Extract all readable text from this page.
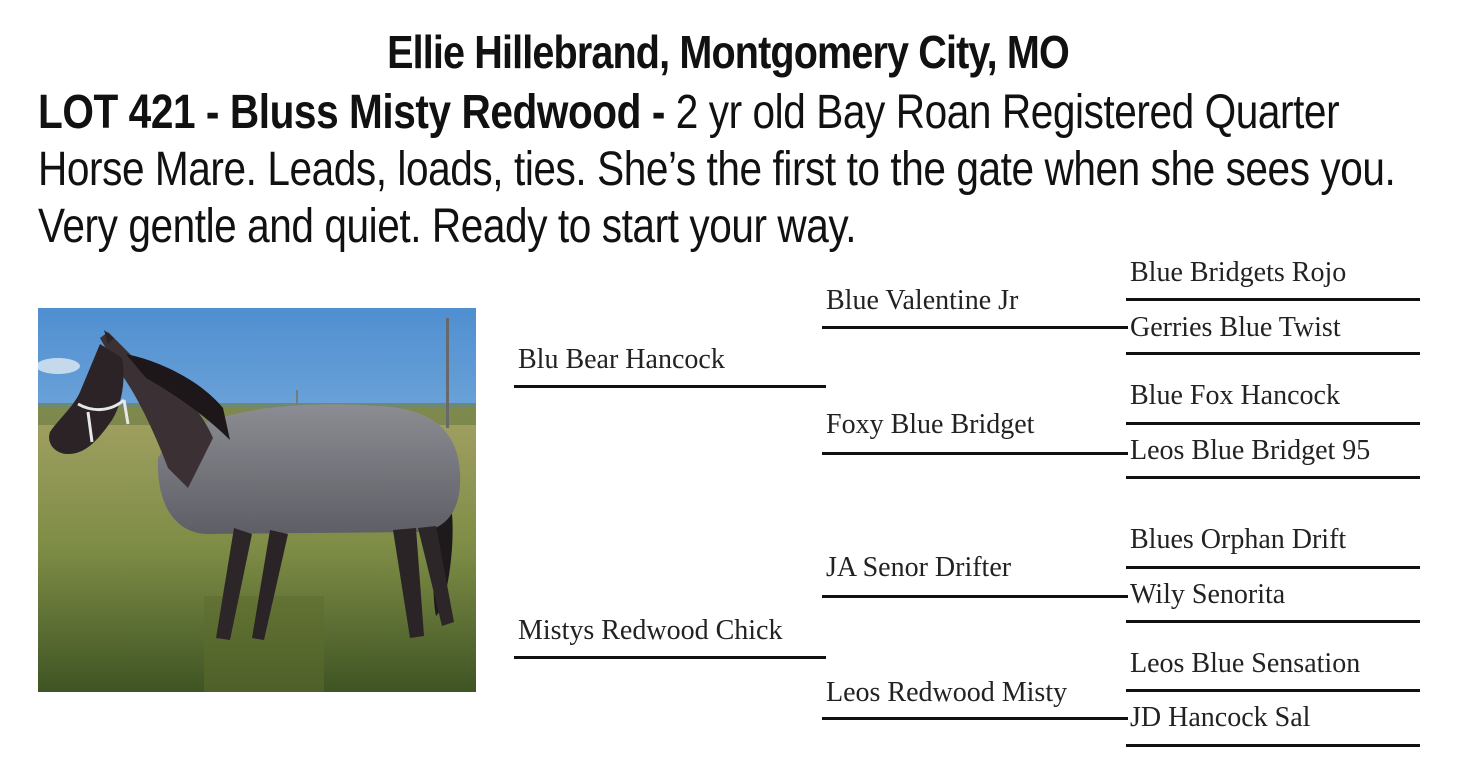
Ellie Hillebrand, Montgomery City, MO
LOT 421 - Bluss Misty Redwood - 2 yr old Bay Roan Registered Quarter
Horse Mare. Leads, loads, ties. She’s the first to the gate when she sees you.
Very gentle and quiet. Ready to start your way.
Blu Bear Hancock
Mistys Redwood Chick
Blue Valentine Jr
Foxy Blue Bridget
JA Senor Drifter
Leos Redwood Misty
Blue Bridgets Rojo
Gerries Blue Twist
Blue Fox Hancock
Leos Blue Bridget 95
Blues Orphan Drift
Wily Senorita
Leos Blue Sensation
JD Hancock Sal
